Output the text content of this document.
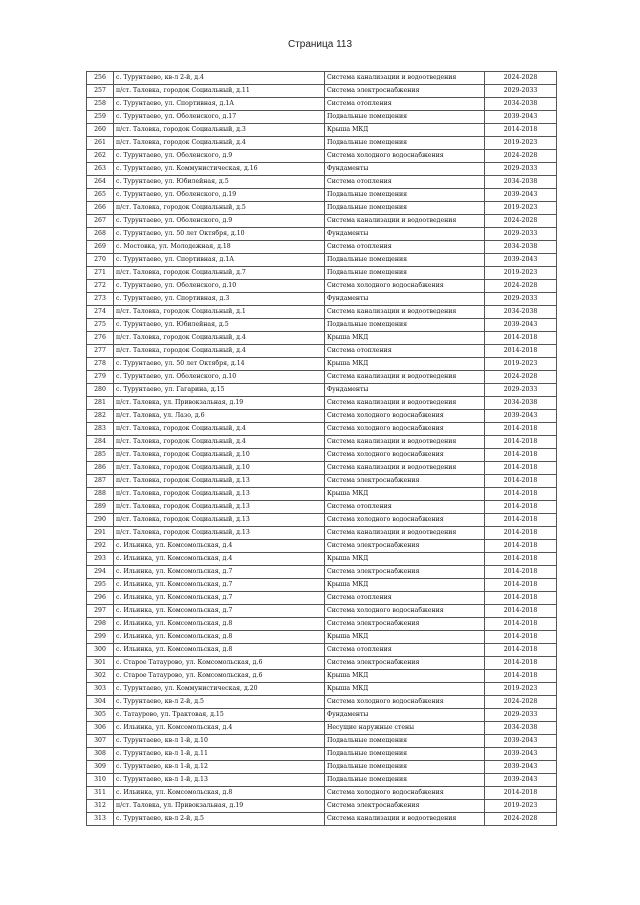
Страница 113
256	с. Турунтаево, кв-л 2-й, д.4	Система канализации и водоотведения	2024-2028
257	п/ст. Таловка, городок Социальный, д.11	Система электроснабжения	2029-2033
258	с. Турунтаево, ул. Спортивная, д.1А	Система отопления	2034-2038
259	с. Турунтаево, ул. Оболенского, д.17	Подвальные помещения	2039-2043
260	п/ст. Таловка, городок Социальный, д.3	Крыша МКД	2014-2018
261	п/ст. Таловка, городок Социальный, д.4	Подвальные помещения	2019-2023
262	с. Турунтаево, ул. Оболенского, д.9	Система холодного водоснабжения	2024-2028
263	с. Турунтаево, ул. Коммунистическая, д.16	Фундаменты	2029-2033
264	с. Турунтаево, ул. Юбилейная, д.5	Система отопления	2034-2038
265	с. Турунтаево, ул. Оболенского, д.19	Подвальные помещения	2039-2043
266	п/ст. Таловка, городок Социальный, д.5	Подвальные помещения	2019-2023
267	с. Турунтаево, ул. Оболенского, д.9	Система канализации и водоотведения	2024-2028
268	с. Турунтаево, ул. 50 лет Октября, д.10	Фундаменты	2029-2033
269	с. Мостовка, ул. Молодежная, д.18	Система отопления	2034-2038
270	с. Турунтаево, ул. Спортивная, д.1А	Подвальные помещения	2039-2043
271	п/ст. Таловка, городок Социальный, д.7	Подвальные помещения	2019-2023
272	с. Турунтаево, ул. Оболенского, д.10	Система холодного водоснабжения	2024-2028
273	с. Турунтаево, ул. Спортивная, д.3	Фундаменты	2029-2033
274	п/ст. Таловка, городок Социальный, д.1	Система канализации и водоотведения	2034-2038
275	с. Турунтаево, ул. Юбилейная, д.5	Подвальные помещения	2039-2043
276	п/ст. Таловка, городок Социальный, д.4	Крыша МКД	2014-2018
277	п/ст. Таловка, городок Социальный, д.4	Система отопления	2014-2018
278	с. Турунтаево, ул. 50 лет Октября, д.14	Крыша МКД	2019-2023
279	с. Турунтаево, ул. Оболенского, д.10	Система канализации и водоотведения	2024-2028
280	с. Турунтаево, ул. Гагарина, д.15	Фундаменты	2029-2033
281	п/ст. Таловка, ул. Привокзальная, д.19	Система канализации и водоотведения	2034-2038
282	п/ст. Таловка, ул. Лазо, д.6	Система холодного водоснабжения	2039-2043
283	п/ст. Таловка, городок Социальный, д.4	Система холодного водоснабжения	2014-2018
284	п/ст. Таловка, городок Социальный, д.4	Система канализации и водоотведения	2014-2018
285	п/ст. Таловка, городок Социальный, д.10	Система холодного водоснабжения	2014-2018
286	п/ст. Таловка, городок Социальный, д.10	Система канализации и водоотведения	2014-2018
287	п/ст. Таловка, городок Социальный, д.13	Система электроснабжения	2014-2018
288	п/ст. Таловка, городок Социальный, д.13	Крыша МКД	2014-2018
289	п/ст. Таловка, городок Социальный, д.13	Система отопления	2014-2018
290	п/ст. Таловка, городок Социальный, д.13	Система холодного водоснабжения	2014-2018
291	п/ст. Таловка, городок Социальный, д.13	Система канализации и водоотведения	2014-2018
292	с. Ильинка, ул. Комсомольская, д.4	Система электроснабжения	2014-2018
293	с. Ильинка, ул. Комсомольская, д.4	Крыша МКД	2014-2018
294	с. Ильинка, ул. Комсомольская, д.7	Система электроснабжения	2014-2018
295	с. Ильинка, ул. Комсомольская, д.7	Крыша МКД	2014-2018
296	с. Ильинка, ул. Комсомольская, д.7	Система отопления	2014-2018
297	с. Ильинка, ул. Комсомольская, д.7	Система холодного водоснабжения	2014-2018
298	с. Ильинка, ул. Комсомольская, д.8	Система электроснабжения	2014-2018
299	с. Ильинка, ул. Комсомольская, д.8	Крыша МКД	2014-2018
300	с. Ильинка, ул. Комсомольская, д.8	Система отопления	2014-2018
301	с. Старое Татаурово, ул. Комсомольская, д.6	Система электроснабжения	2014-2018
302	с. Старое Татаурово, ул. Комсомольская, д.6	Крыша МКД	2014-2018
303	с. Турунтаево, ул. Коммунистическая, д.20	Крыша МКД	2019-2023
304	с. Турунтаево, кв-л 2-й, д.5	Система холодного водоснабжения	2024-2028
305	с. Татаурово, ул. Трактовая, д.15	Фундаменты	2029-2033
306	с. Ильинка, ул. Комсомольская, д.4	Несущие наружные стены	2034-2038
307	с. Турунтаево, кв-л 1-й, д.10	Подвальные помещения	2039-2043
308	с. Турунтаево, кв-л 1-й, д.11	Подвальные помещения	2039-2043
309	с. Турунтаево, кв-л 1-й, д.12	Подвальные помещения	2039-2043
310	с. Турунтаево, кв-л 1-й, д.13	Подвальные помещения	2039-2043
311	с. Ильинка, ул. Комсомольская, д.8	Система холодного водоснабжения	2014-2018
312	п/ст. Таловка, ул. Привокзальная, д.19	Система электроснабжения	2019-2023
313	с. Турунтаево, кв-л 2-й, д.5	Система канализации и водоотведения	2024-2028
